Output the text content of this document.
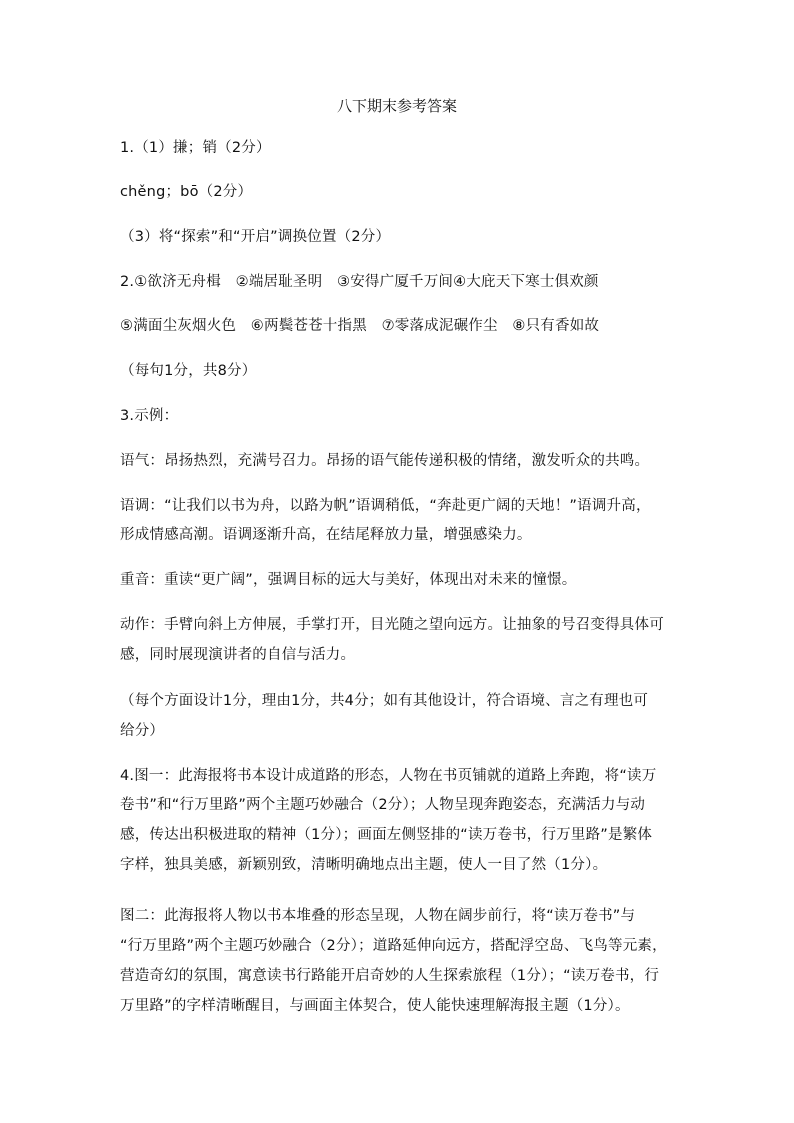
八下期末参考答案

1.（1）搛；销（2分）

chěng；bō（2分）

（3）将“探索”和“开启”调换位置（2分）

2.①欲济无舟楫　②端居耻圣明　③安得广厦千万间④大庇天下寒士俱欢颜

⑤满面尘灰烟火色　⑥两鬓苍苍十指黑　⑦零落成泥碾作尘　⑧只有香如故

（每句1分，共8分）

3.示例：

语气：昂扬热烈，充满号召力。昂扬的语气能传递积极的情绪，激发听众的共鸣。

语调：“让我们以书为舟，以路为帆”语调稍低，“奔赴更广阔的天地！”语调升高，

形成情感高潮。语调逐渐升高，在结尾释放力量，增强感染力。

重音：重读“更广阔”，强调目标的远大与美好，体现出对未来的憧憬。

动作：手臂向斜上方伸展，手掌打开，目光随之望向远方。让抽象的号召变得具体可

感，同时展现演讲者的自信与活力。

（每个方面设计1分，理由1分，共4分；如有其他设计，符合语境、言之有理也可

给分）

4.图一：此海报将书本设计成道路的形态，人物在书页铺就的道路上奔跑，将“读万

卷书”和“行万里路”两个主题巧妙融合（2分）；人物呈现奔跑姿态，充满活力与动

感，传达出积极进取的精神（1分）；画面左侧竖排的“读万卷书，行万里路”是繁体

字样，独具美感，新颖别致，清晰明确地点出主题，使人一目了然（1分）。

图二：此海报将人物以书本堆叠的形态呈现，人物在阔步前行，将“读万卷书”与

“行万里路”两个主题巧妙融合（2分）；道路延伸向远方，搭配浮空岛、飞鸟等元素，

营造奇幻的氛围，寓意读书行路能开启奇妙的人生探索旅程（1分）；“读万卷书，行

万里路”的字样清晰醒目，与画面主体契合，使人能快速理解海报主题（1分）。
